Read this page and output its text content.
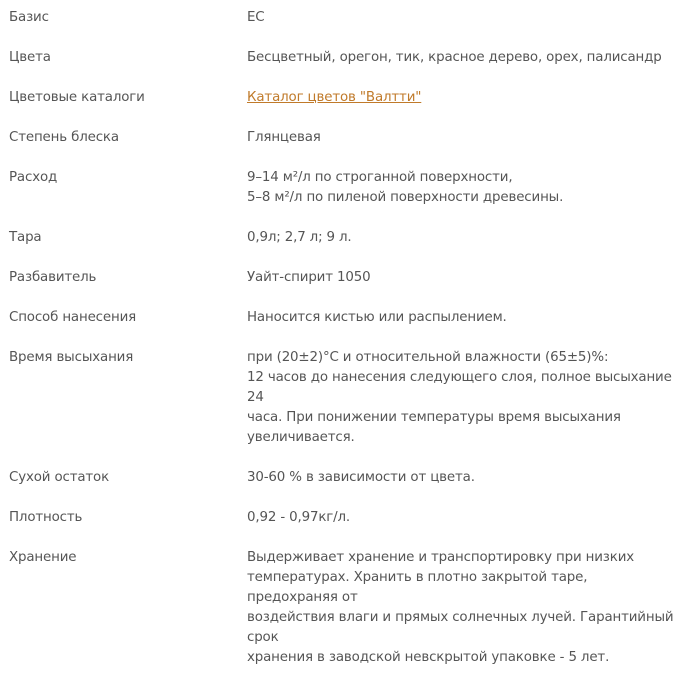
Базис	ЕС
Цвета	Бесцветный, орегон, тик, красное дерево, орех, палисандр
Цветовые каталоги	Каталог цветов "Валтти"
Степень блеска	Глянцевая
Расход	9–14 м²/л по строганной поверхности,
5–8 м²/л по пиленой поверхности древесины.
Тара	0,9л; 2,7 л; 9 л.
Разбавитель	Уайт-спирит 1050
Способ нанесения	Наносится кистью или распылением.
Время высыхания	при (20±2)°С и относительной влажности (65±5)%:
12 часов до нанесения следующего слоя, полное высыхание 24
часа. При понижении температуры время высыхания
увеличивается.
Сухой остаток	30-60 % в зависимости от цвета.
Плотность	0,92 - 0,97кг/л.
Хранение	Выдерживает хранение и транспортировку при низких
температурах. Хранить в плотно закрытой таре, предохраняя от
воздействия влаги и прямых солнечных лучей. Гарантийный срок
хранения в заводской невскрытой упаковке - 5 лет.
